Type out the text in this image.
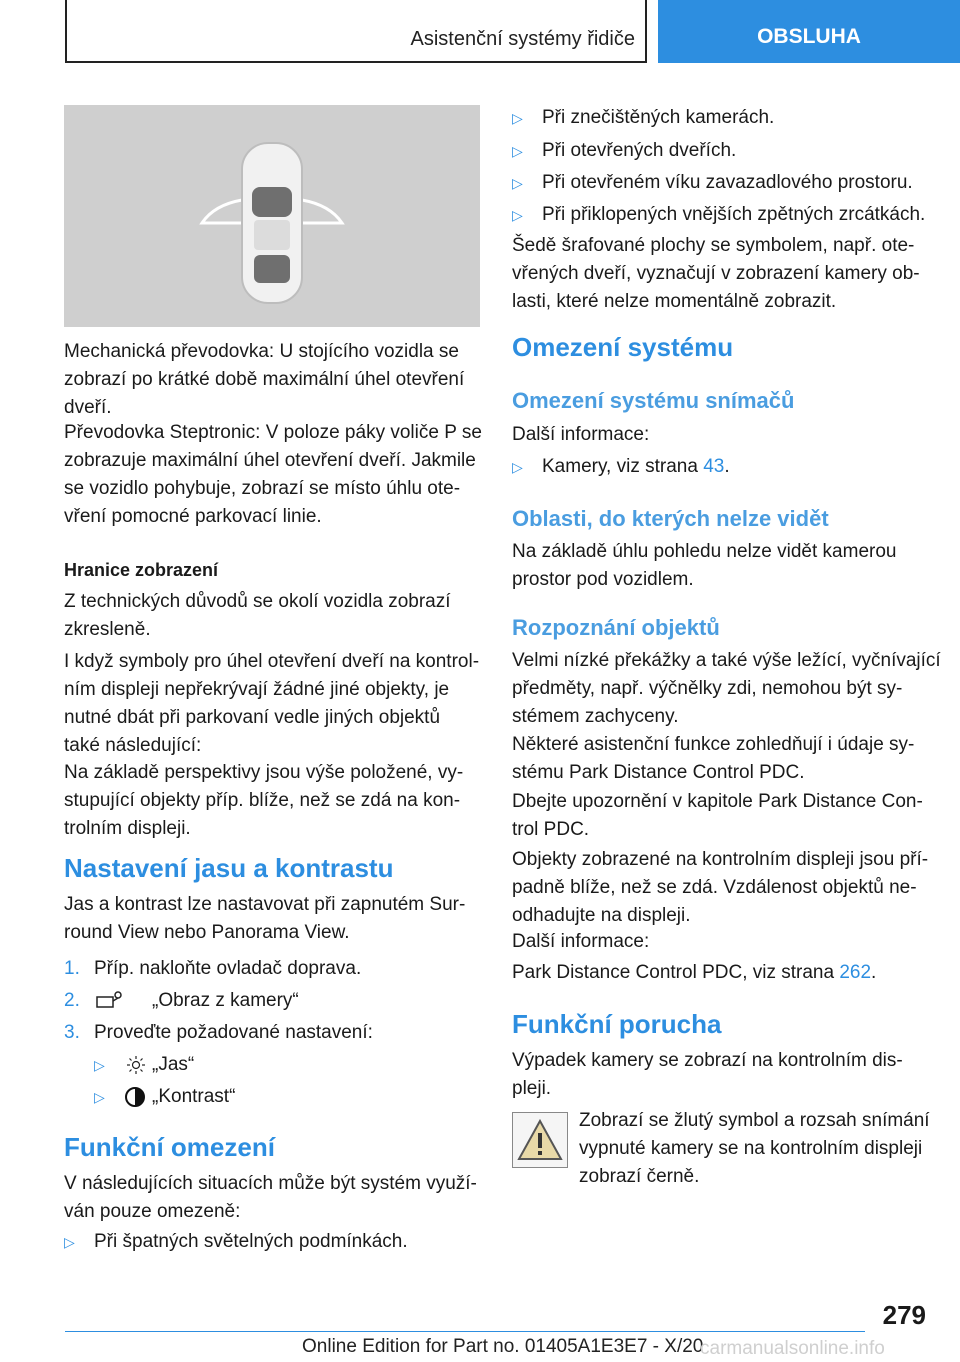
Asistenční systémy řidiče	OBSLUHA

Mechanická převodovka: U stojícího vozidla se
zobrazí po krátké době maximální úhel otevření
dveří.

Převodovka Steptronic: V poloze páky voliče P se
zobrazuje maximální úhel otevření dveří. Jakmile
se vozidlo pohybuje, zobrazí se místo úhlu ote-
vření pomocné parkovací linie.

Hranice zobrazení

Z technických důvodů se okolí vozidla zobrazí
zkresleně.

I když symboly pro úhel otevření dveří na kontrol-
ním displeji nepřekrývají žádné jiné objekty, je
nutné dbát při parkovaní vedle jiných objektů
také následující:

Na základě perspektivy jsou výše položené, vy-
stupující objekty příp. blíže, než se zdá na kon-
trolním displeji.

Nastavení jasu a kontrastu

Jas a kontrast lze nastavovat při zapnutém Sur-
round View nebo Panorama View.

1. Příp. nakloňte ovladač doprava.
2.	„Obraz z kamery“
3. Proveďte požadované nastavení:
▷ „Jas“
▷ „Kontrast“
Funkční omezení

V následujících situacích může být systém využí-
ván pouze omezeně:

▷ Při špatných světelných podmínkách.
▷ Při znečištěných kamerách.
▷ Při otevřených dveřích.
▷ Při otevřeném víku zavazadlového prostoru.
▷ Při přiklopených vnějších zpětných zrcátkách.

Šedě šrafované plochy se symbolem, např. ote-
vřených dveří, vyznačují v zobrazení kamery ob-
lasti, které nelze momentálně zobrazit.

Omezení systému
Omezení systému snímačů

Další informace:

▷ Kamery, viz strana 43.
Oblasti, do kterých nelze vidět

Na základě úhlu pohledu nelze vidět kamerou
prostor pod vozidlem.

Rozpoznání objektů

Velmi nízké překážky a také výše ležící, vyčnívající
předměty, např. výčnělky zdi, nemohou být sy-
stémem zachyceny.

Některé asistenční funkce zohledňují i údaje sy-
stému Park Distance Control PDC.

Dbejte upozornění v kapitole Park Distance Con-
trol PDC.

Objekty zobrazené na kontrolním displeji jsou pří-
padně blíže, než se zdá. Vzdálenost objektů ne-
odhadujte na displeji.

Další informace:

Park Distance Control PDC, viz strana 262.

Funkční porucha

Výpadek kamery se zobrazí na kontrolním dis-
pleji.

Zobrazí se žlutý symbol a rozsah snímání
vypnuté kamery se na kontrolním displeji
zobrazí černě.

279
Online Edition for Part no. 01405A1E3E7 - X/20
carmanualsonline.info
